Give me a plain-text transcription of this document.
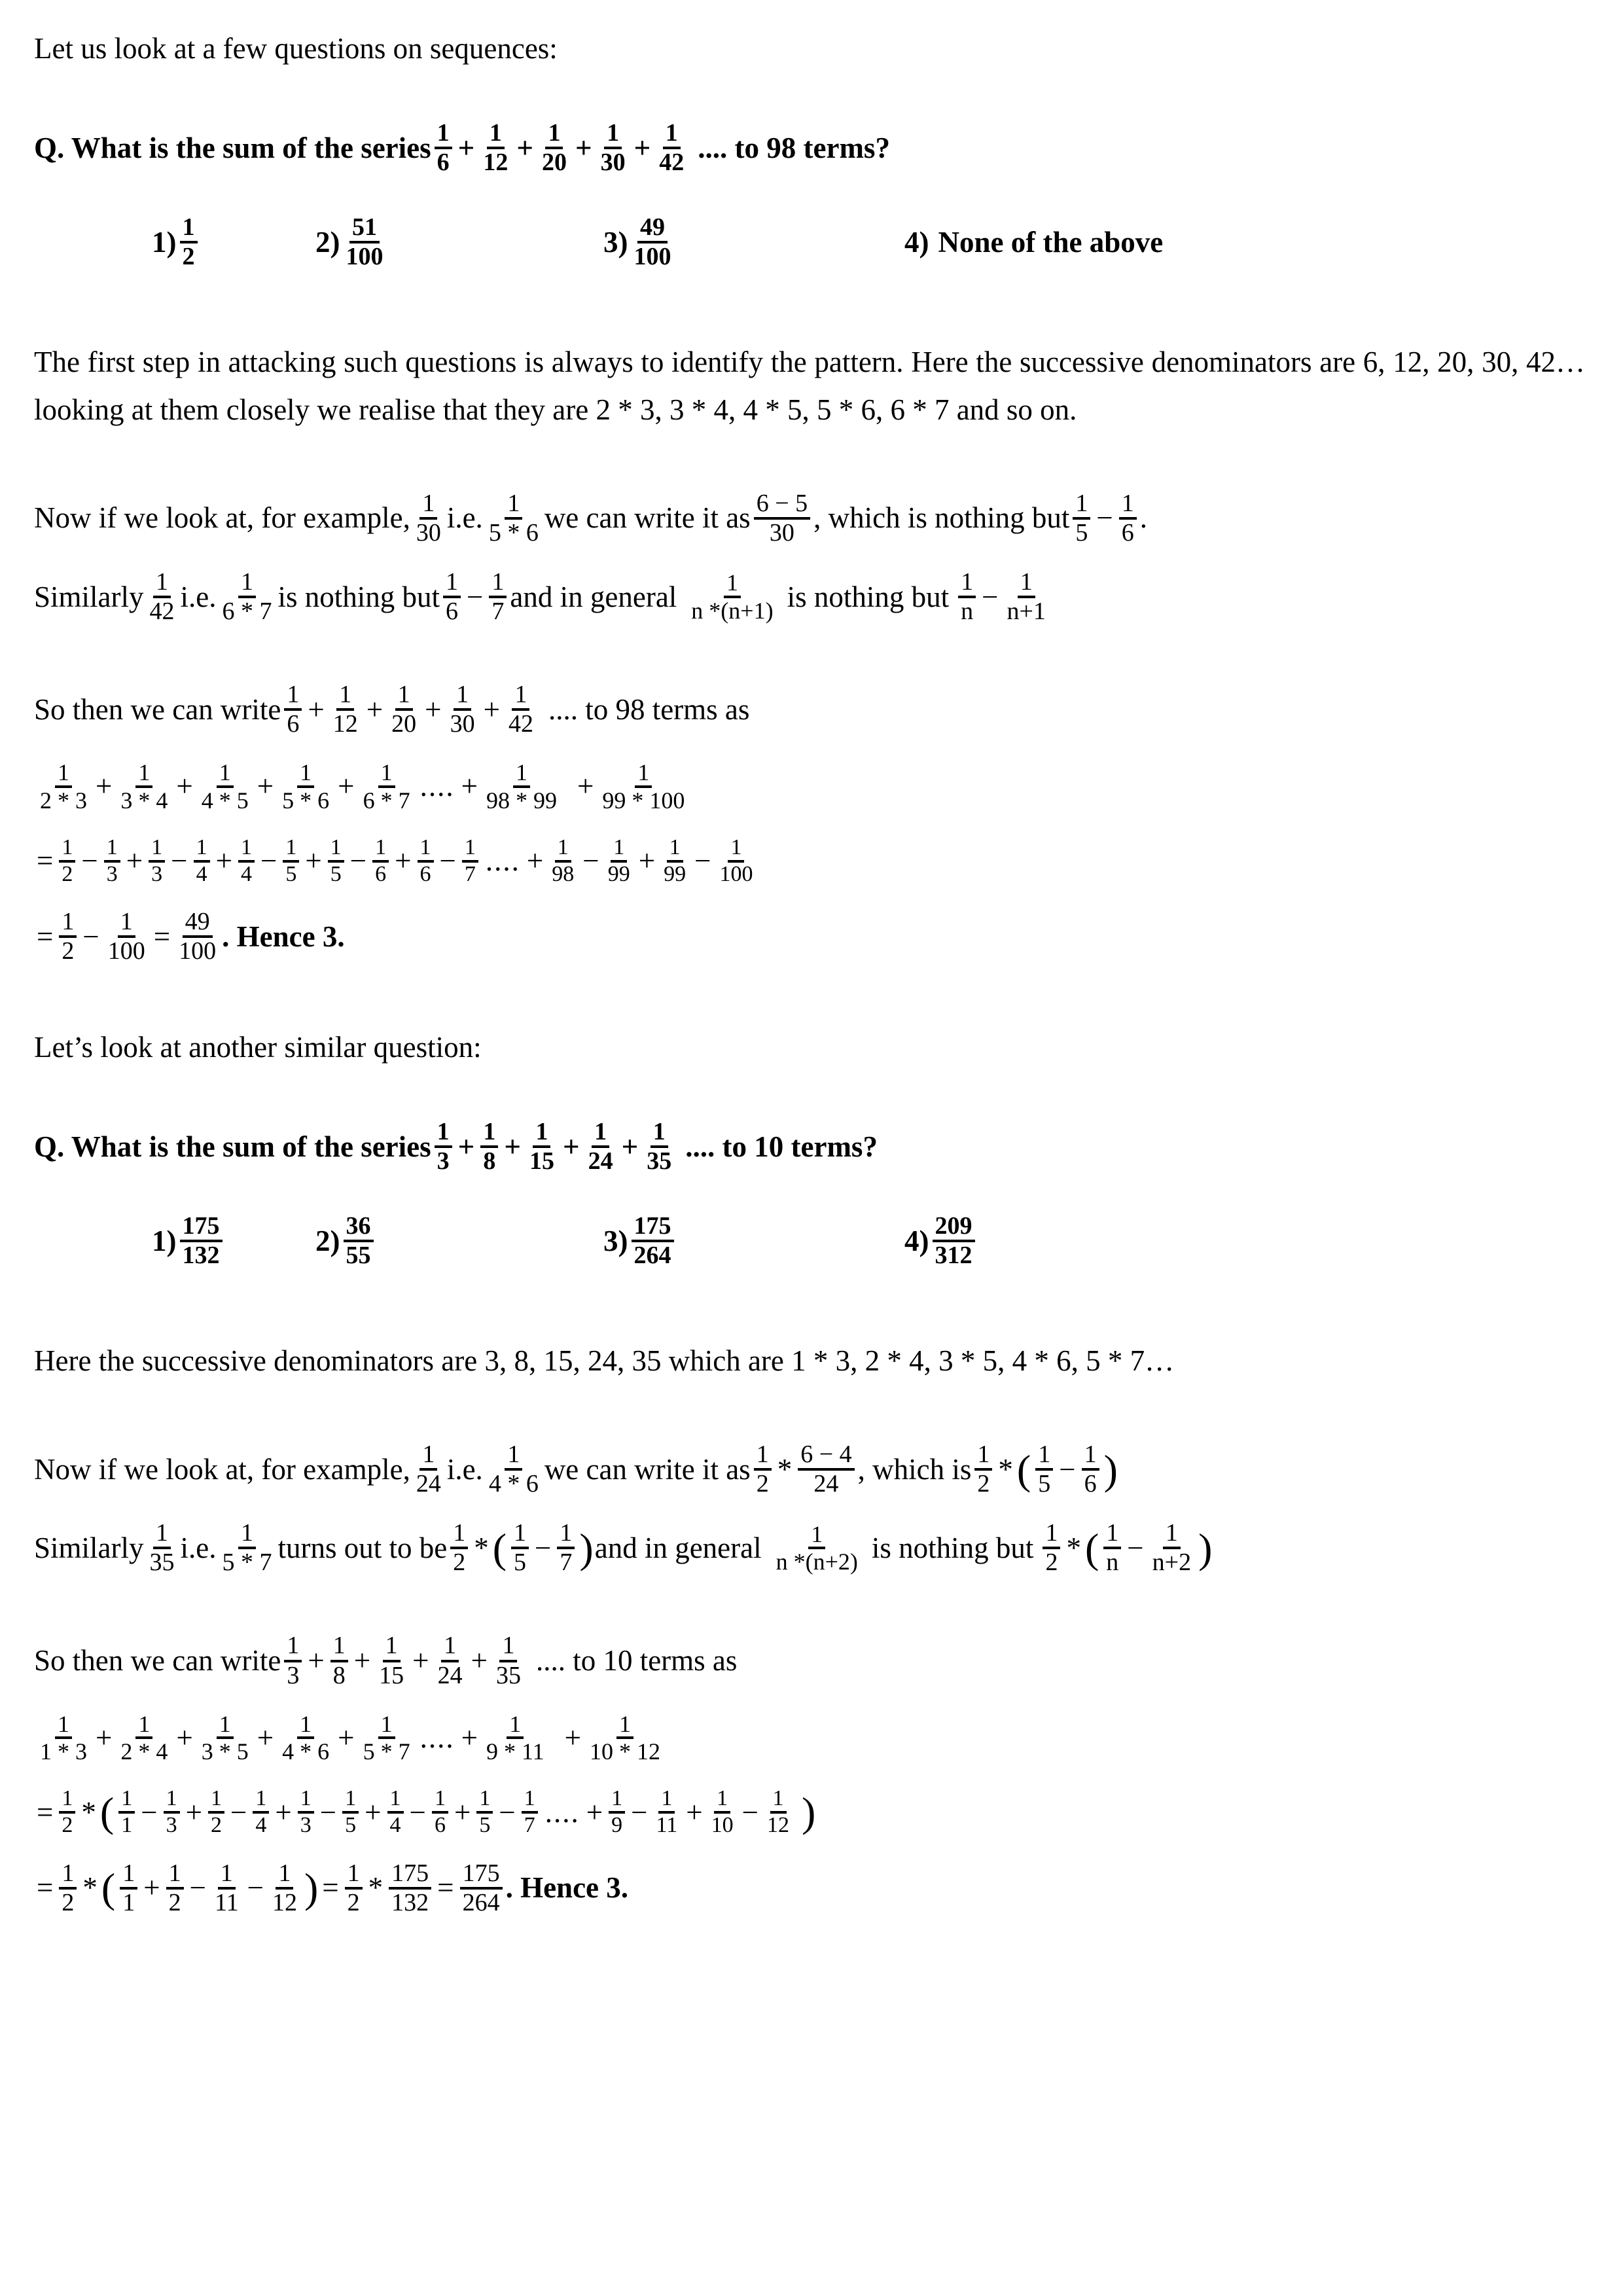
Let us look at a few questions on sequences:
Q. What is the sum of the series $\frac{1}{6} + \frac{1}{12} + \frac{1}{20} + \frac{1}{30} + \frac{1}{42}$ .... to 98 terms?
$1) \frac{1}{2}$	$2) \frac{51}{100}$	$3) \frac{49}{100}$	4) None of the above

The first step in attacking such questions is always to identify the pattern. Here the successive denominators are 6, 12, 20, 30, 42…looking at them closely we realise that they are 2 * 3, 3 * 4, 4 * 5, 5 * 6, 6 * 7 and so on.

Now if we look at, for example, $\frac{1}{30} i.e$. $\frac{1}{5 * 6}$ we can write it as $\frac{6 - 5}{30}$ , which is nothing but $\frac{1}{5} - \frac{1}{6}$ .
Similarly $\frac{1}{42} i.e$. $\frac{1}{6 * 7}$ is nothing but $\frac{1}{6} - \frac{1}{7}$ and in general $\frac{1}{n *(n+1)}$ is nothing but $\frac{1}{n} - \frac{1}{n+1}$
So then we can write $\frac{1}{6} + \frac{1}{12} + \frac{1}{20} + \frac{1}{30} + \frac{1}{42}$ .... to 98 terms as
$\frac{1}{2 * 3} + \frac{1}{3 * 4} + \frac{1}{4 * 5} + \frac{1}{5 * 6} + \frac{1}{6 * 7}$ .... + $\frac{1}{98 * 99} + \frac{1}{99 * 100}$
= $\frac{1}{2} - \frac{1}{3} + \frac{1}{3} - \frac{1}{4} + \frac{1}{4} - \frac{1}{5} + \frac{1}{5} - \frac{1}{6} + \frac{1}{6} - \frac{1}{7}$ .... + $\frac{1}{98} - \frac{1}{99} + \frac{1}{99} - \frac{1}{100}$
= $\frac{1}{2} - \frac{1}{100} = \frac{49}{100}$ . Hence 3.
Let’s look at another similar question:
Q. What is the sum of the series $\frac{1}{3} + \frac{1}{8} + \frac{1}{15} + \frac{1}{24} + \frac{1}{35}$ .... to 10 terms?
$1) \frac{175}{132}$	$2) \frac{36}{55}$	$3) \frac{175}{264}$	$4) \frac{209}{312}$

Here the successive denominators are 3, 8, 15, 24, 35 which are 1 * 3, 2 * 4, 3 * 5, 4 * 6, 5 * 7…

Now if we look at, for example, $\frac{1}{24} i.e$. $\frac{1}{4 * 6}$ we can write it as $\frac{1}{2} * \frac{6 - 4}{24}$ , which is $\frac{1}{2}$ * ( $\frac{1}{5} - \frac{1}{6}$ )
Similarly $\frac{1}{35} i.e$. $\frac{1}{5 * 7}$ turns out to be $\frac{1}{2}$ * ( $\frac{1}{5} - \frac{1}{7}$ ) and in general $\frac{1}{n *(n+2)}$ is nothing but $\frac{1}{2}$ * ( $\frac{1}{n} - \frac{1}{n+2}$ )
So then we can write $\frac{1}{3} + \frac{1}{8} + \frac{1}{15} + \frac{1}{24} + \frac{1}{35}$ .... to 10 terms as
$\frac{1}{1 * 3} + \frac{1}{2 * 4} + \frac{1}{3 * 5} + \frac{1}{4 * 6} + \frac{1}{5 * 7}$ .... + $\frac{1}{9 * 11} + \frac{1}{10 * 12}$
= $\frac{1}{2}$ * ( $\frac{1}{1} - \frac{1}{3} + \frac{1}{2} - \frac{1}{4} + \frac{1}{3} - \frac{1}{5} + \frac{1}{4} - \frac{1}{6} + \frac{1}{5} - \frac{1}{7}$ .... + $\frac{1}{9} - \frac{1}{11} + \frac{1}{10} - \frac{1}{12}$ )
= $\frac{1}{2}$ * ( $\frac{1}{1} + \frac{1}{2} - \frac{1}{11} - \frac{1}{12}$ ) = $\frac{1}{2} * \frac{175}{132} = \frac{175}{264}$ . Hence 3.
